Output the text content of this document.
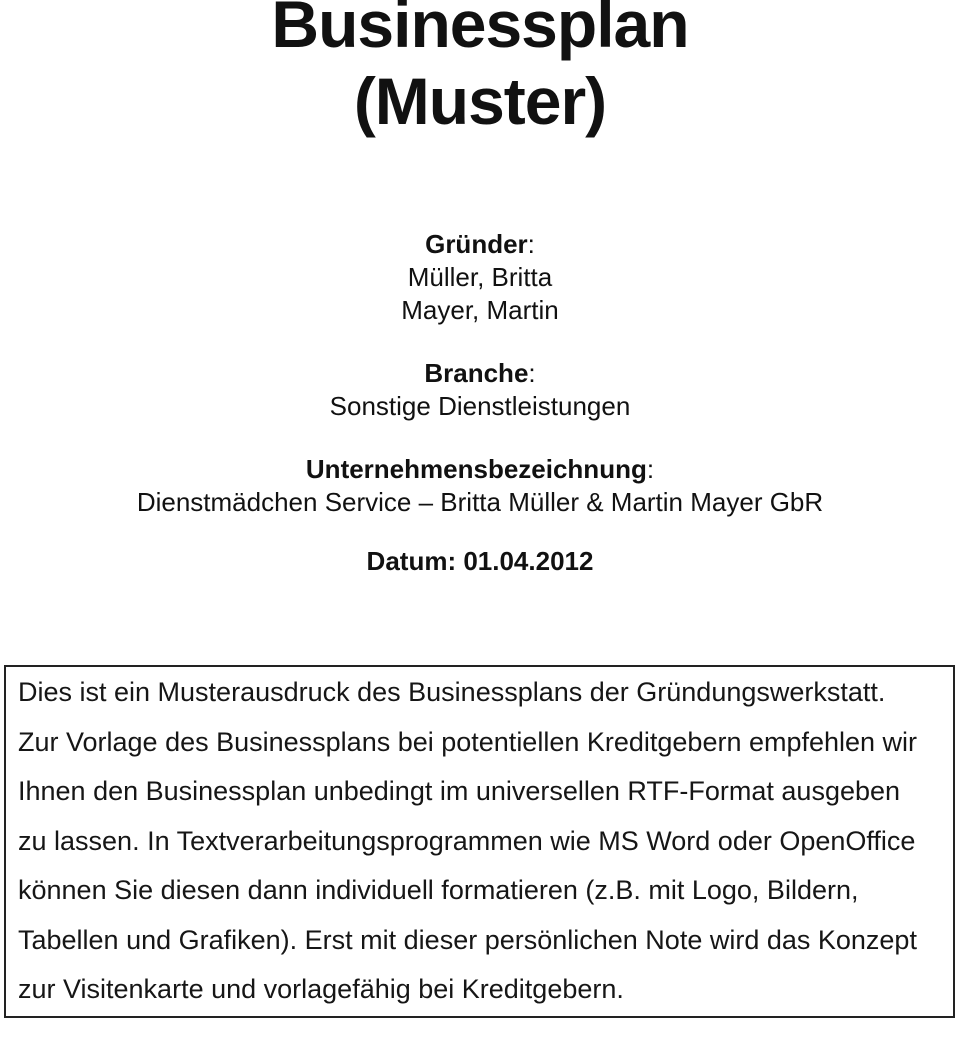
Businessplan
(Muster)
Gründer:
Müller, Britta
Mayer, Martin
Branche:
Sonstige Dienstleistungen
Unternehmensbezeichnung:
Dienstmädchen Service – Britta Müller & Martin Mayer GbR
Datum: 01.04.2012
Dies ist ein Musterausdruck des Businessplans der Gründungswerkstatt.
Zur Vorlage des Businessplans bei potentiellen Kreditgebern empfehlen wir
Ihnen den Businessplan unbedingt im universellen RTF-Format ausgeben
zu lassen. In Textverarbeitungsprogrammen wie MS Word oder OpenOffice
können Sie diesen dann individuell formatieren (z.B. mit Logo, Bildern,
Tabellen und Grafiken). Erst mit dieser persönlichen Note wird das Konzept
zur Visitenkarte und vorlagefähig bei Kreditgebern.
